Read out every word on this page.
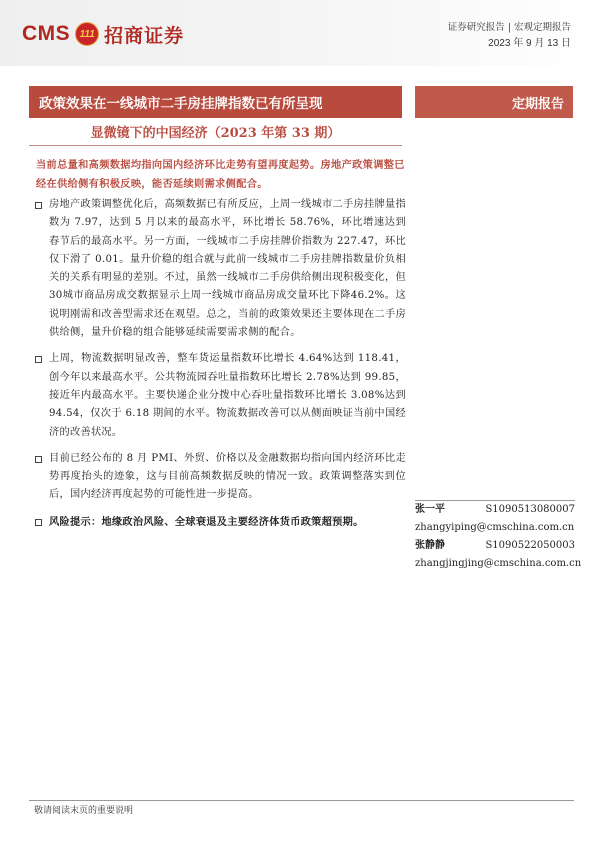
CMS 111 招商证券	证券研究报告 | 宏观定期报告
2023 年 9 月 13 日
政策效果在一线城市二手房挂牌指数已有所呈现	定期报告
显微镜下的中国经济（2023 年第 33 期）
当前总量和高频数据均指向国内经济环比走势有望再度起势。房地产政策调整已经在供给侧有积极反映，能否延续则需求侧配合。
房地产政策调整优化后，高频数据已有所反应，上周一线城市二手房挂牌量指数为 7.97，达到 5 月以来的最高水平，环比增长 58.76%，环比增速达到春节后的最高水平。另一方面，一线城市二手房挂牌价指数为 227.47，环比仅下滑了 0.01。量升价稳的组合就与此前一线城市二手房挂牌指数量价负相关的关系有明显的差别。不过，虽然一线城市二手房供给侧出现积极变化，但30城市商品房成交数据显示上周一线城市商品房成交量环比下降46.2%。这说明刚需和改善型需求还在观望。总之，当前的政策效果还主要体现在二手房供给侧，量升价稳的组合能够延续需要需求侧的配合。
上周，物流数据明显改善，整车货运量指数环比增长 4.64%达到 118.41，创今年以来最高水平。公共物流园吞吐量指数环比增长 2.78%达到 99.85，接近年内最高水平。主要快递企业分拨中心吞吐量指数环比增长 3.08%达到 94.54，仅次于 6.18 期间的水平。物流数据改善可以从侧面映证当前中国经济的改善状况。
目前已经公布的 8 月 PMI、外贸、价格以及金融数据均指向国内经济环比走势再度抬头的迹象，这与目前高频数据反映的情况一致。政策调整落实到位后，国内经济再度起势的可能性进一步提高。
风险提示：地缘政治风险、全球衰退及主要经济体货币政策超预期。
张一平	S1090513080007
zhangyiping@cmschina.com.cn
张静静	S1090522050003
zhangjingjing@cmschina.com.cn
敬请阅读末页的重要说明
